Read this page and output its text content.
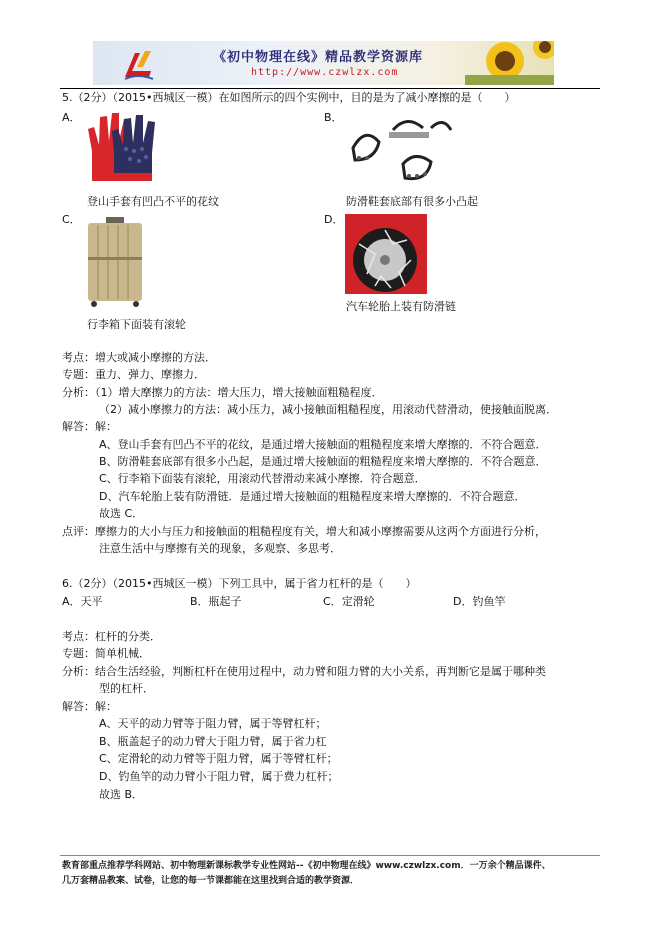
《初中物理在线》精品教学资源库
http://www.czwlzx.com
5.（2分）（2015•西城区一模）在如图所示的四个实例中，目的是为了减小摩擦的是（　　）
A．
登山手套有凹凸不平的花纹
B．
防滑鞋套底部有很多小凸起
C．
行李箱下面装有滚轮
D．
汽车轮胎上装有防滑链
考点：增大或减小摩擦的方法．
专题：重力、弹力、摩擦力．
分析：（1）增大摩擦力的方法：增大压力，增大接触面粗糙程度．
（2）减小摩擦力的方法：减小压力，减小接触面粗糙程度，用滚动代替滑动，使接触面脱离．
解答：解：
A、登山手套有凹凸不平的花纹，是通过增大接触面的粗糙程度来增大摩擦的．不符合题意．
B、防滑鞋套底部有很多小凸起，是通过增大接触面的粗糙程度来增大摩擦的．不符合题意．
C、行李箱下面装有滚轮，用滚动代替滑动来减小摩擦．符合题意．
D、汽车轮胎上装有防滑链．是通过增大接触面的粗糙程度来增大摩擦的．不符合题意．
故选 C．
点评：摩擦力的大小与压力和接触面的粗糙程度有关，增大和减小摩擦需要从这两个方面进行分析，
注意生活中与摩擦有关的现象，多观察、多思考．
6.（2分）（2015•西城区一模）下列工具中，属于省力杠杆的是（　　）
A．天平	B．瓶起子	C．定滑轮	D．钓鱼竿
考点：杠杆的分类．
专题：简单机械．
分析：结合生活经验，判断杠杆在使用过程中，动力臂和阻力臂的大小关系，再判断它是属于哪种类
型的杠杆．
解答：解：
A、天平的动力臂等于阻力臂，属于等臂杠杆；
B、瓶盖起子的动力臂大于阻力臂，属于省力杠
C、定滑轮的动力臂等于阻力臂，属于等臂杠杆；
D、钓鱼竿的动力臂小于阻力臂，属于费力杠杆；
故选 B．
教育部重点推荐学科网站、初中物理新课标教学专业性网站--《初中物理在线》www.czwlzx.com．一万余个精品课件、
几万套精品教案、试卷，让您的每一节课都能在这里找到合适的教学资源．
